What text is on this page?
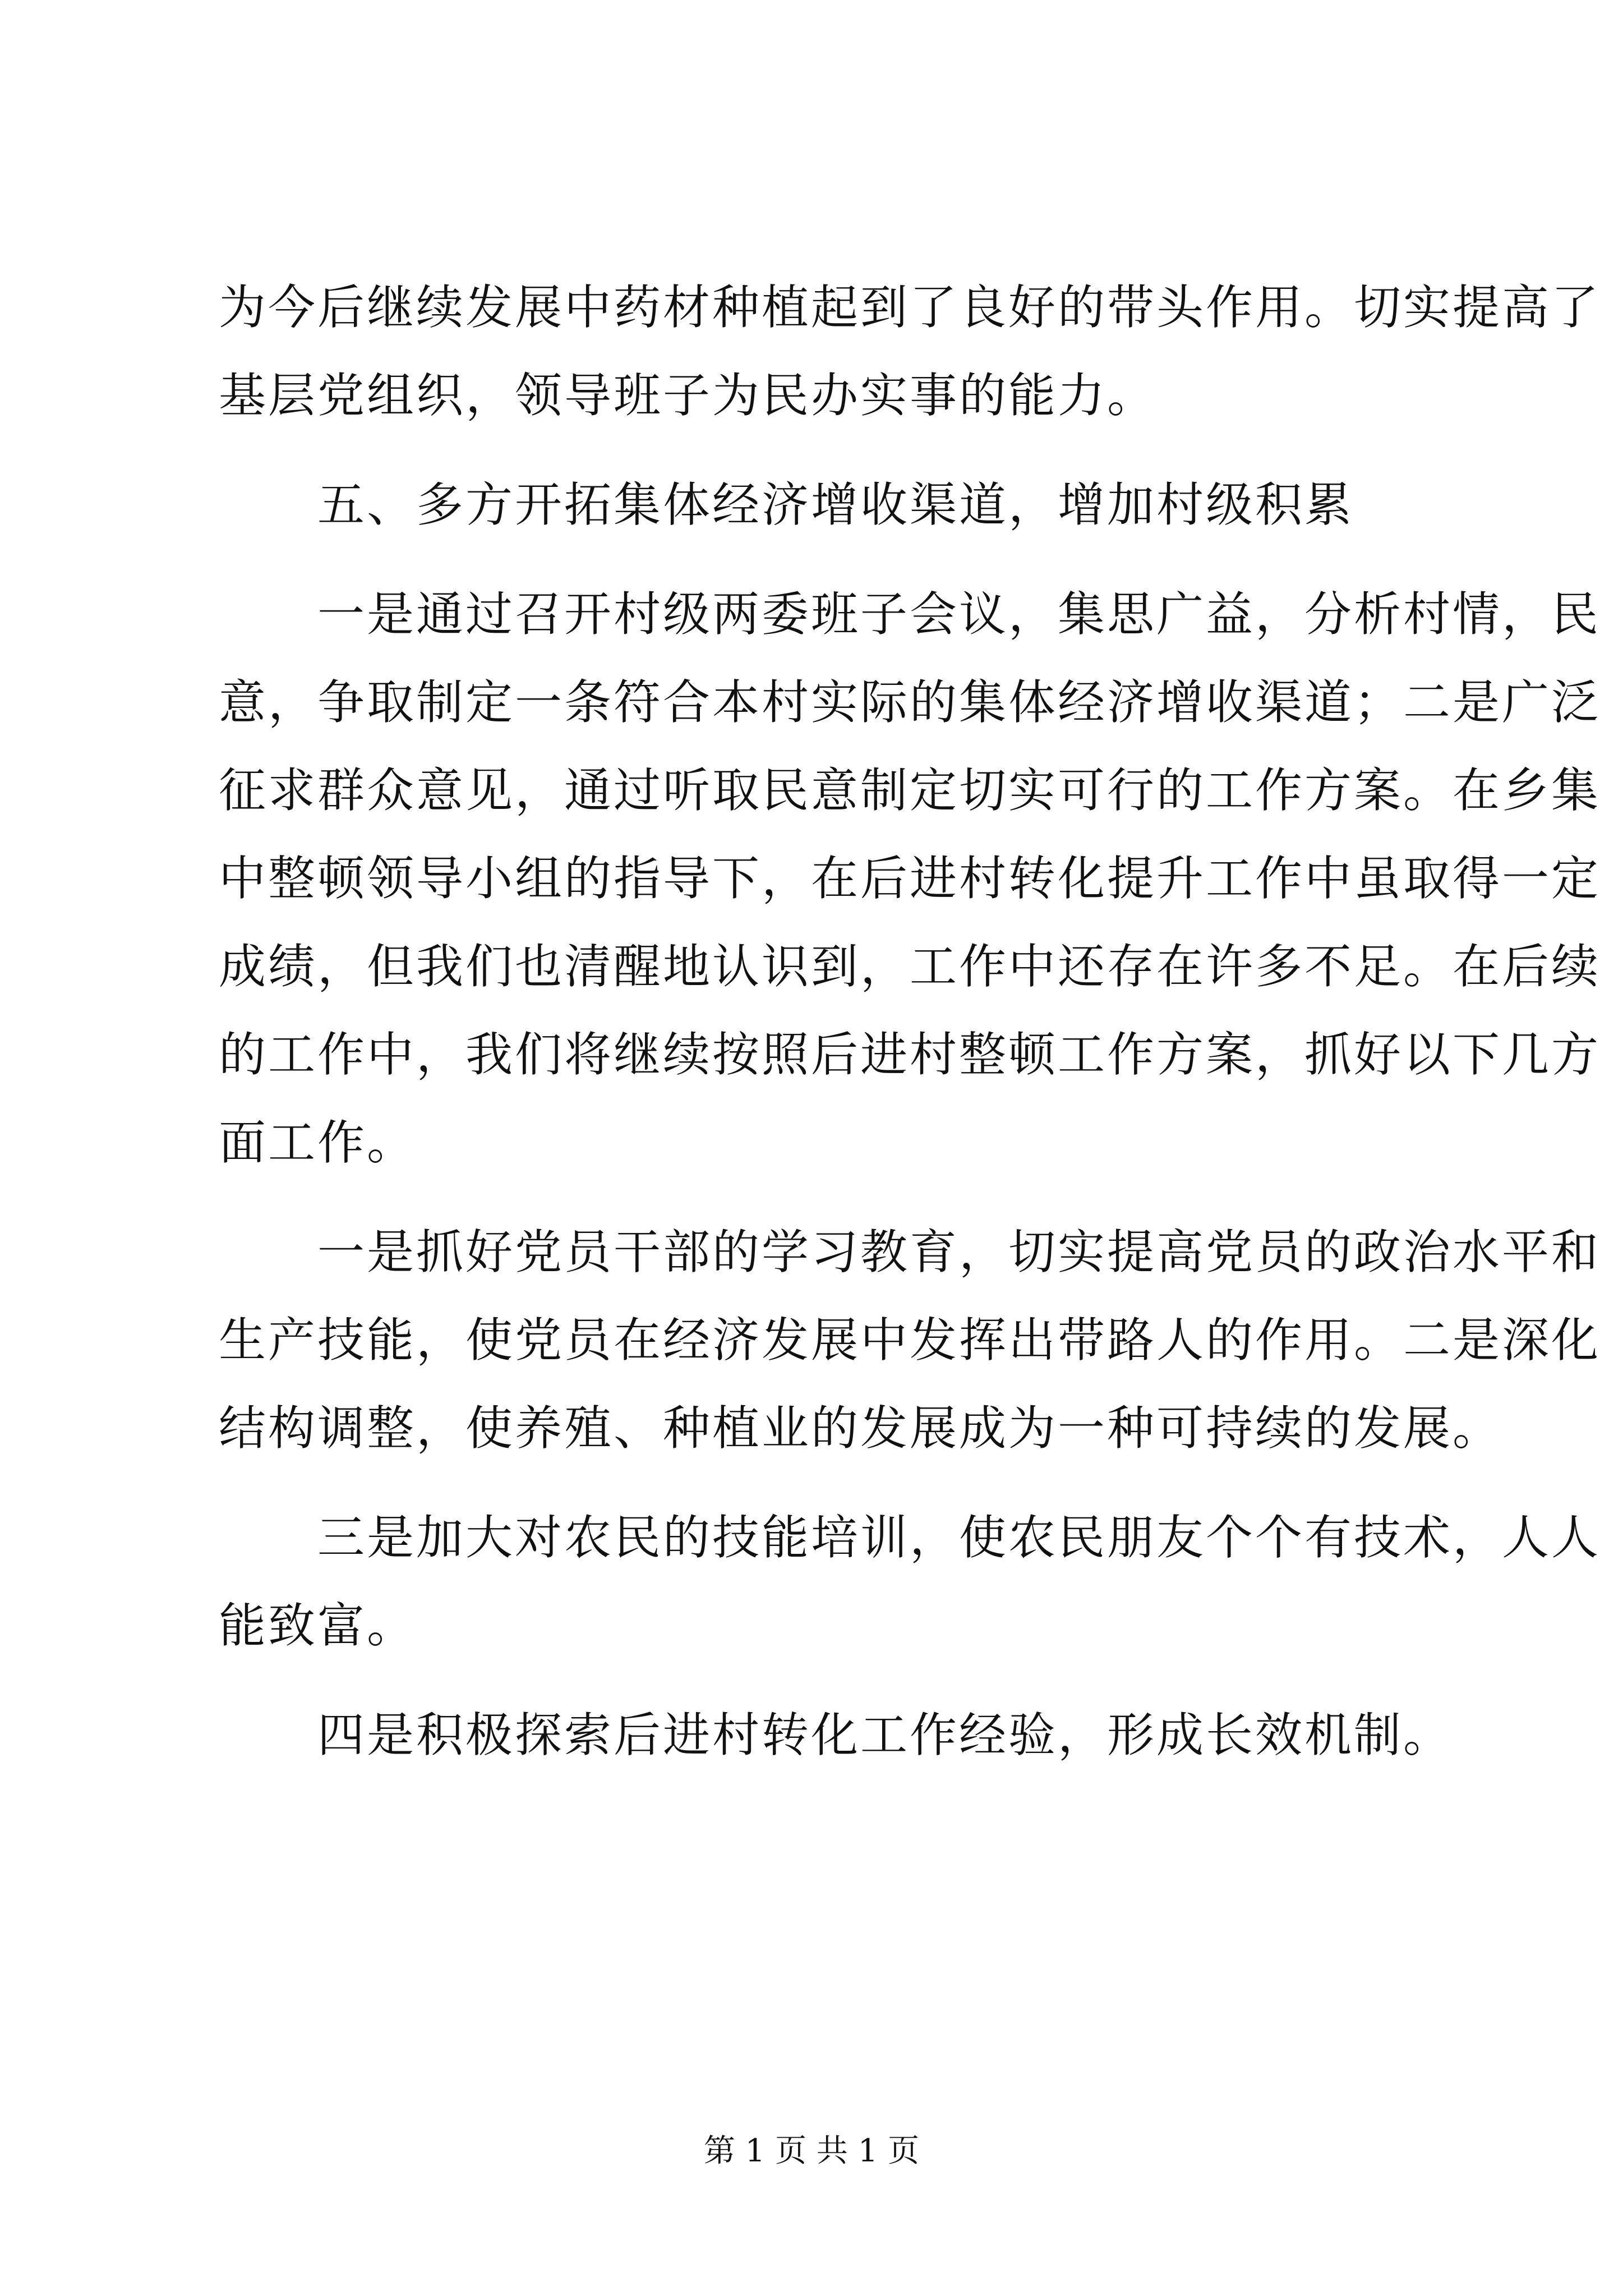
为今后继续发展中药材种植起到了良好的带头作用。切实提高了
基层党组织，领导班子为民办实事的能力。
五、多方开拓集体经济增收渠道，增加村级积累
一是通过召开村级两委班子会议，集思广益，分析村情，民
意，争取制定一条符合本村实际的集体经济增收渠道；二是广泛
征求群众意见，通过听取民意制定切实可行的工作方案。在乡集
中整顿领导小组的指导下，在后进村转化提升工作中虽取得一定
成绩，但我们也清醒地认识到，工作中还存在许多不足。在后续
的工作中，我们将继续按照后进村整顿工作方案，抓好以下几方
面工作。
一是抓好党员干部的学习教育，切实提高党员的政治水平和
生产技能，使党员在经济发展中发挥出带路人的作用。二是深化
结构调整，使养殖、种植业的发展成为一种可持续的发展。
三是加大对农民的技能培训，使农民朋友个个有技术，人人
能致富。
四是积极探索后进村转化工作经验，形成长效机制。
第 1 页 共 1 页
